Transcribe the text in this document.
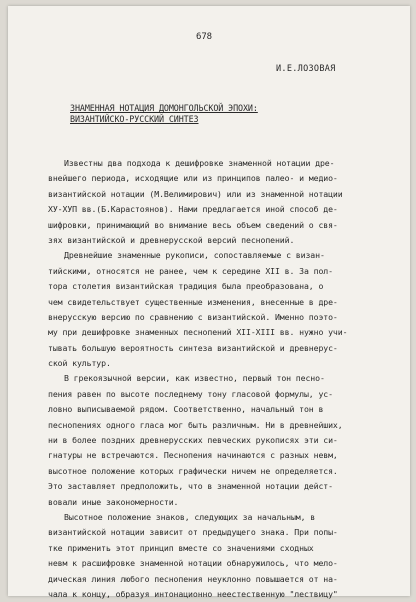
678
И.Е.ЛОЗОВАЯ
ЗНАМЕННАЯ НОТАЦИЯ ДОМОНГОЛЬСКОЙ ЭПОХИ:
ВИЗАНТИЙСКО-РУССКИЙ СИНТЕЗ
Известны два подхода к дешифровке знаменной нотации дре-
внейшего периода, исходящие или из принципов палео- и медио-
византийской нотации (М.Велимирович) или из знаменной нотации
ХУ-ХУП вв.(Б.Карастоянов). Нами предлагается иной способ де-
шифровки, принимающий во внимание весь объем сведений о свя-
зях византийской и древнерусской версий песнопений.
Древнейшие знаменные рукописи, сопоставляемые с визан-
тийскими, относятся не ранее, чем к середине XII в. За пол-
тора столетия византийская традиция была преобразована, о
чем свидетельствует существенные изменения, внесенные в дре-
внерусскую версию по сравнению с византийской. Именно поэто-
му при дешифровке знаменных песнопений XII-XIII вв. нужно учи-
тывать большую вероятность синтеза византийской и древнерус-
ской культур.
В грекоязычной версии, как известно, первый тон песно-
пения равен по высоте последнему тону гласовой формулы, ус-
ловно выписываемой рядом. Соответственно, начальный тон в
песнопениях одного гласа мог быть различным. Ни в древнейших,
ни в более поздних древнерусских певческих рукописях эти си-
гнатуры не встречаются. Песнопения начинаются с разных невм,
высотное положение которых графически ничем не определяется.
Это заставляет предположить, что в знаменной нотации дейст-
вовали иные закономерности.
Высотное положение знаков, следующих за начальным, в
византийской нотации зависит от предыдущего знака. При попы-
тке применить этот принцип вместе со значениями сходных
невм к расшифровке знаменной нотации обнаружилось, что мело-
дическая линия любого песнопения неуклонно повышается от на-
чала к концу, образуя интонационно неестественную "лествицу"
